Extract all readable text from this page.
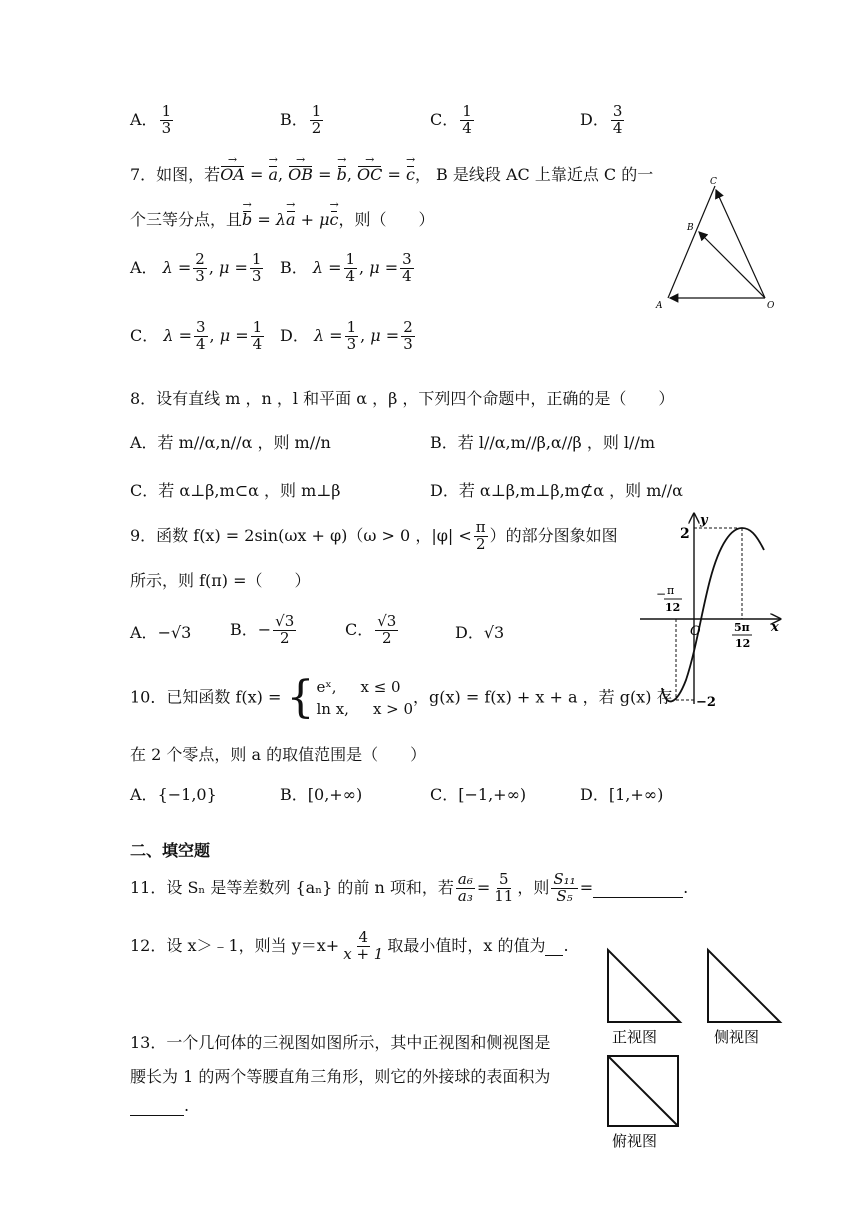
A． $\frac{1}{3}$	B． $\frac{1}{2}$	C． $\frac{1}{4}$	D． $\frac{3}{4}$
7．如图，若OA → = a →, OB → = b →, OC → = c →， B 是线段 AC 上靠近点 C 的一
个三等分点，且b → = λa → + μc →，则（　　）
A． $\lambda = \frac{2}{3}$ , $\mu = \frac{1}{3}$ B． $\lambda = \frac{1}{4}$ , $\mu = \frac{3}{4}$
C． $\lambda = \frac{3}{4}$ , $\mu = \frac{1}{4}$ D． $\lambda = \frac{1}{3}$ , $\mu = \frac{2}{3}$
C
B
A	O
8．设有直线 m ，n ，l 和平面 α ，β ，下列四个命题中，正确的是（　　）
A．若 m//α,n//α ，则 m//n	B．若 l//α,m//β,α//β ，则 l//m
C．若 α⊥β,m⊂α ，则 m⊥β	D．若 α⊥β,m⊥β,m⊄α ，则 m//α
9．函数 f(x) = 2sin(ωx + φ)（ω > 0 ，$|\varphi| < \frac{\pi}{2}$ ）的部分图象如图
所示，则 f(π) =（　　）
A．−√3 B．− $\frac{√3}{2}$	C． $\frac{√3}{2}$	D．√3
y
x
O
2
−2
− π
12
5π
12
10．已知函数 f(x) = { eˣ, x ≤ 0
ln x, x > 0
，g(x) = f(x) + x + a ，若 g(x) 存
在 2 个零点，则 a 的取值范围是（　　）
A．{−1,0}	B．[0,+∞)	C．[−1,+∞)	D．[1,+∞)
二、填空题
11．设 Sₙ 是等差数列 {aₙ} 的前 n 项和，若 $\frac{\text{a₆}}{\text{a₃}} = \frac{5}{11}$ ，则 $\frac{\text{S₁₁}}{\text{S₅}}$ =	.
12．设 x＞﹣1，则当 $y=x+ \frac{4}{x + 1}$ 取最小值时，x 的值为 .
13．一个几何体的三视图如图所示，其中正视图和侧视图是
腰长为 1 的两个等腰直角三角形，则它的外接球的表面积为
.
正视图	侧视图
俯视图
